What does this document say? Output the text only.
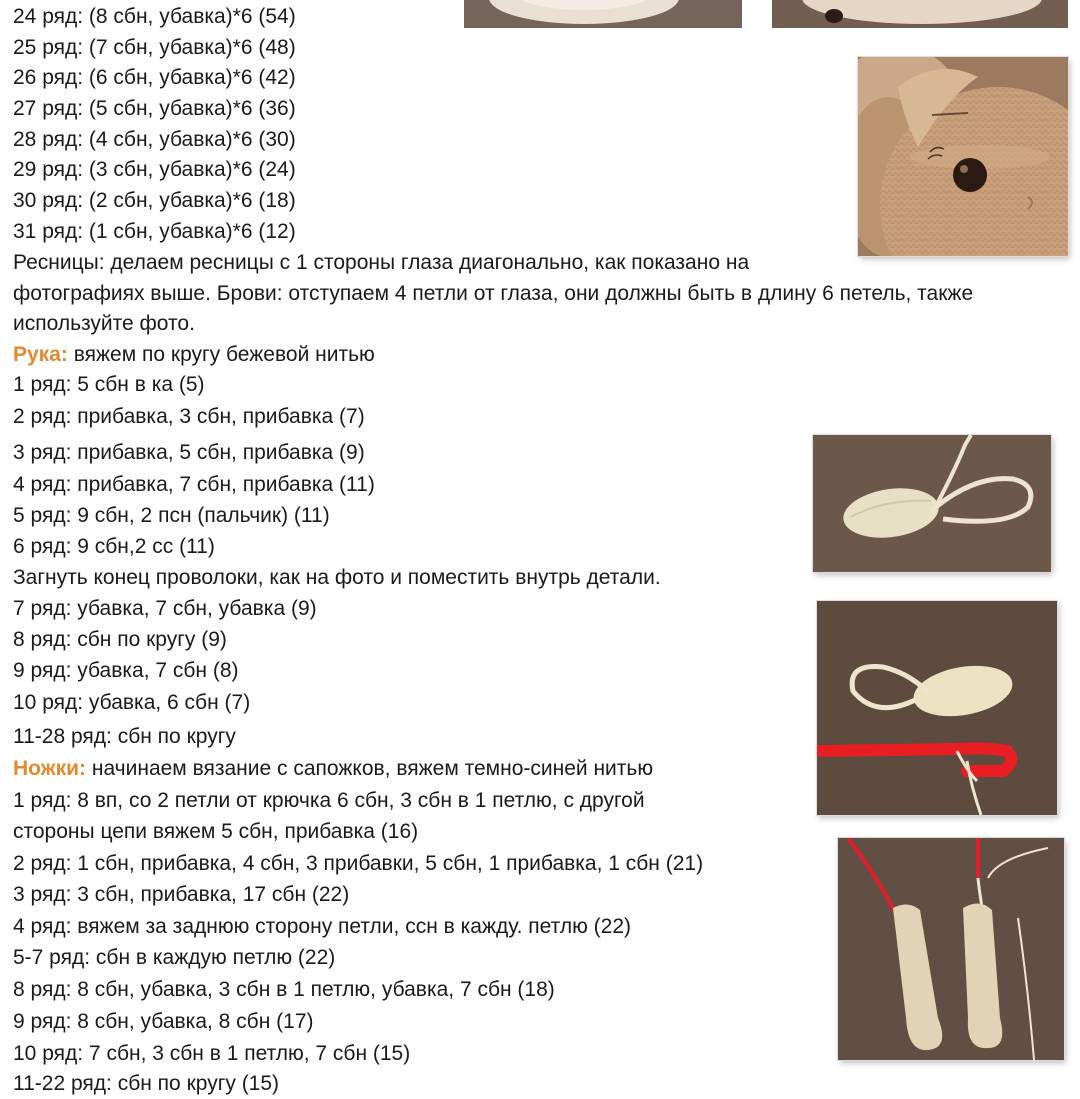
24 ряд: (8 сбн, убавка)*6 (54)
25 ряд: (7 сбн, убавка)*6 (48)
26 ряд: (6 сбн, убавка)*6 (42)
27 ряд: (5 сбн, убавка)*6 (36)
28 ряд: (4 сбн, убавка)*6 (30)
29 ряд: (3 сбн, убавка)*6 (24)
30 ряд: (2 сбн, убавка)*6 (18)
31 ряд: (1 сбн, убавка)*6 (12)
Ресницы: делаем ресницы с 1 стороны глаза диагонально, как показано на
фотографиях выше. Брови: отступаем 4 петли от глаза, они должны быть в длину 6 петель, также
используйте фото.
Рука: вяжем по кругу бежевой нитью
1 ряд: 5 сбн в ка (5)
2 ряд: прибавка, 3 сбн, прибавка (7)
3 ряд: прибавка, 5 сбн, прибавка (9)
4 ряд: прибавка, 7 сбн, прибавка (11)
5 ряд: 9 сбн, 2 псн (пальчик) (11)
6 ряд: 9 сбн,2 сс (11)
Загнуть конец проволоки, как на фото и поместить внутрь детали.
7 ряд: убавка, 7 сбн, убавка (9)
8 ряд: сбн по кругу (9)
9 ряд: убавка, 7 сбн (8)
10 ряд: убавка, 6 сбн (7)
11-28 ряд: сбн по кругу
Ножки: начинаем вязание с сапожков, вяжем темно-синей нитью
1 ряд: 8 вп, со 2 петли от крючка 6 сбн, 3 сбн в 1 петлю, с другой
стороны цепи вяжем 5 сбн, прибавка (16)
2 ряд: 1 сбн, прибавка, 4 сбн, 3 прибавки, 5 сбн, 1 прибавка, 1 сбн (21)
3 ряд: 3 сбн, прибавка, 17 сбн (22)
4 ряд: вяжем за заднюю сторону петли, ссн в кажду. петлю (22)
5-7 ряд: сбн в каждую петлю (22)
8 ряд: 8 сбн, убавка, 3 сбн в 1 петлю, убавка, 7 сбн (18)
9 ряд: 8 сбн, убавка, 8 сбн (17)
10 ряд: 7 сбн, 3 сбн в 1 петлю, 7 сбн (15)
11-22 ряд: сбн по кругу (15)
